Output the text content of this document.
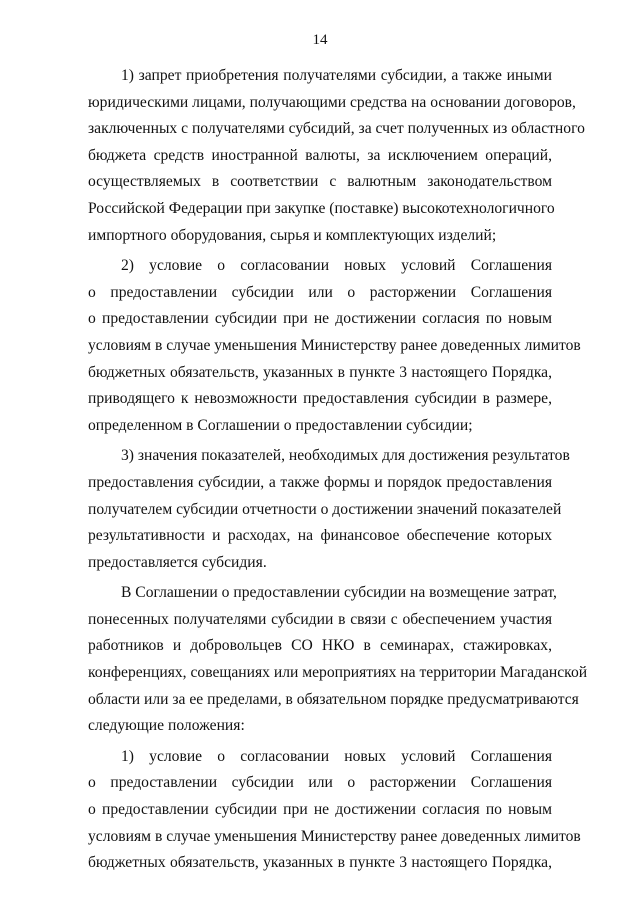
14
1) запрет приобретения получателями субсидии, а также иными
юридическими лицами, получающими средства на основании договоров,
заключенных с получателями субсидий, за счет полученных из областного
бюджета средств иностранной валюты, за исключением операций,
осуществляемых в соответствии с валютным законодательством
Российской Федерации при закупке (поставке) высокотехнологичного
импортного оборудования, сырья и комплектующих изделий;
2) условие о согласовании новых условий Соглашения
о предоставлении субсидии или о расторжении Соглашения
о предоставлении субсидии при не достижении согласия по новым
условиям в случае уменьшения Министерству ранее доведенных лимитов
бюджетных обязательств, указанных в пункте 3 настоящего Порядка,
приводящего к невозможности предоставления субсидии в размере,
определенном в Соглашении о предоставлении субсидии;
3) значения показателей, необходимых для достижения результатов
предоставления субсидии, а также формы и порядок предоставления
получателем субсидии отчетности о достижении значений показателей
результативности и расходах, на финансовое обеспечение которых
предоставляется субсидия.
В Соглашении о предоставлении субсидии на возмещение затрат,
понесенных получателями субсидии в связи с обеспечением участия
работников и добровольцев СО НКО в семинарах, стажировках,
конференциях, совещаниях или мероприятиях на территории Магаданской
области или за ее пределами, в обязательном порядке предусматриваются
следующие положения:
1) условие о согласовании новых условий Соглашения
о предоставлении субсидии или о расторжении Соглашения
о предоставлении субсидии при не достижении согласия по новым
условиям в случае уменьшения Министерству ранее доведенных лимитов
бюджетных обязательств, указанных в пункте 3 настоящего Порядка,
